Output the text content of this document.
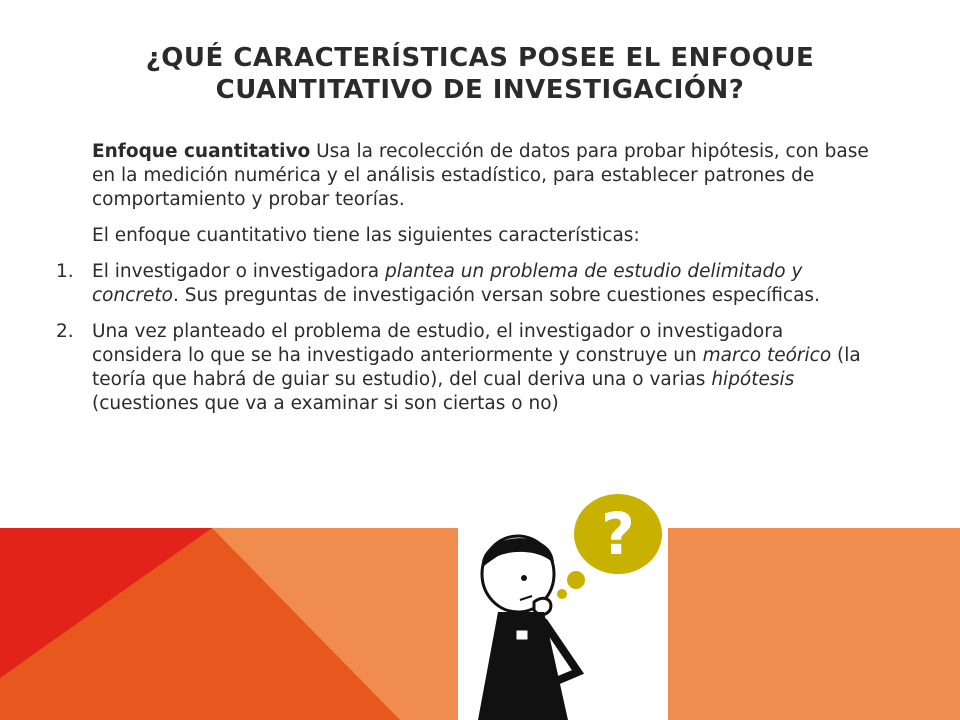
¿QUÉ CARACTERÍSTICAS POSEE EL ENFOQUE CUANTITATIVO DE INVESTIGACIÓN?

Enfoque cuantitativo Usa la recolección de datos para probar hipótesis, con base en la medición numérica y el análisis estadístico, para establecer patrones de comportamiento y probar teorías.

El enfoque cuantitativo tiene las siguientes características:

1. El investigador o investigadora plantea un problema de estudio delimitado y concreto. Sus preguntas de investigación versan sobre cuestiones específicas.
2. Una vez planteado el problema de estudio, el investigador o investigadora considera lo que se ha investigado anteriormente y construye un marco teórico (la teoría que habrá de guiar su estudio), del cual deriva una o varias hipótesis (cuestiones que va a examinar si son ciertas o no)
?
